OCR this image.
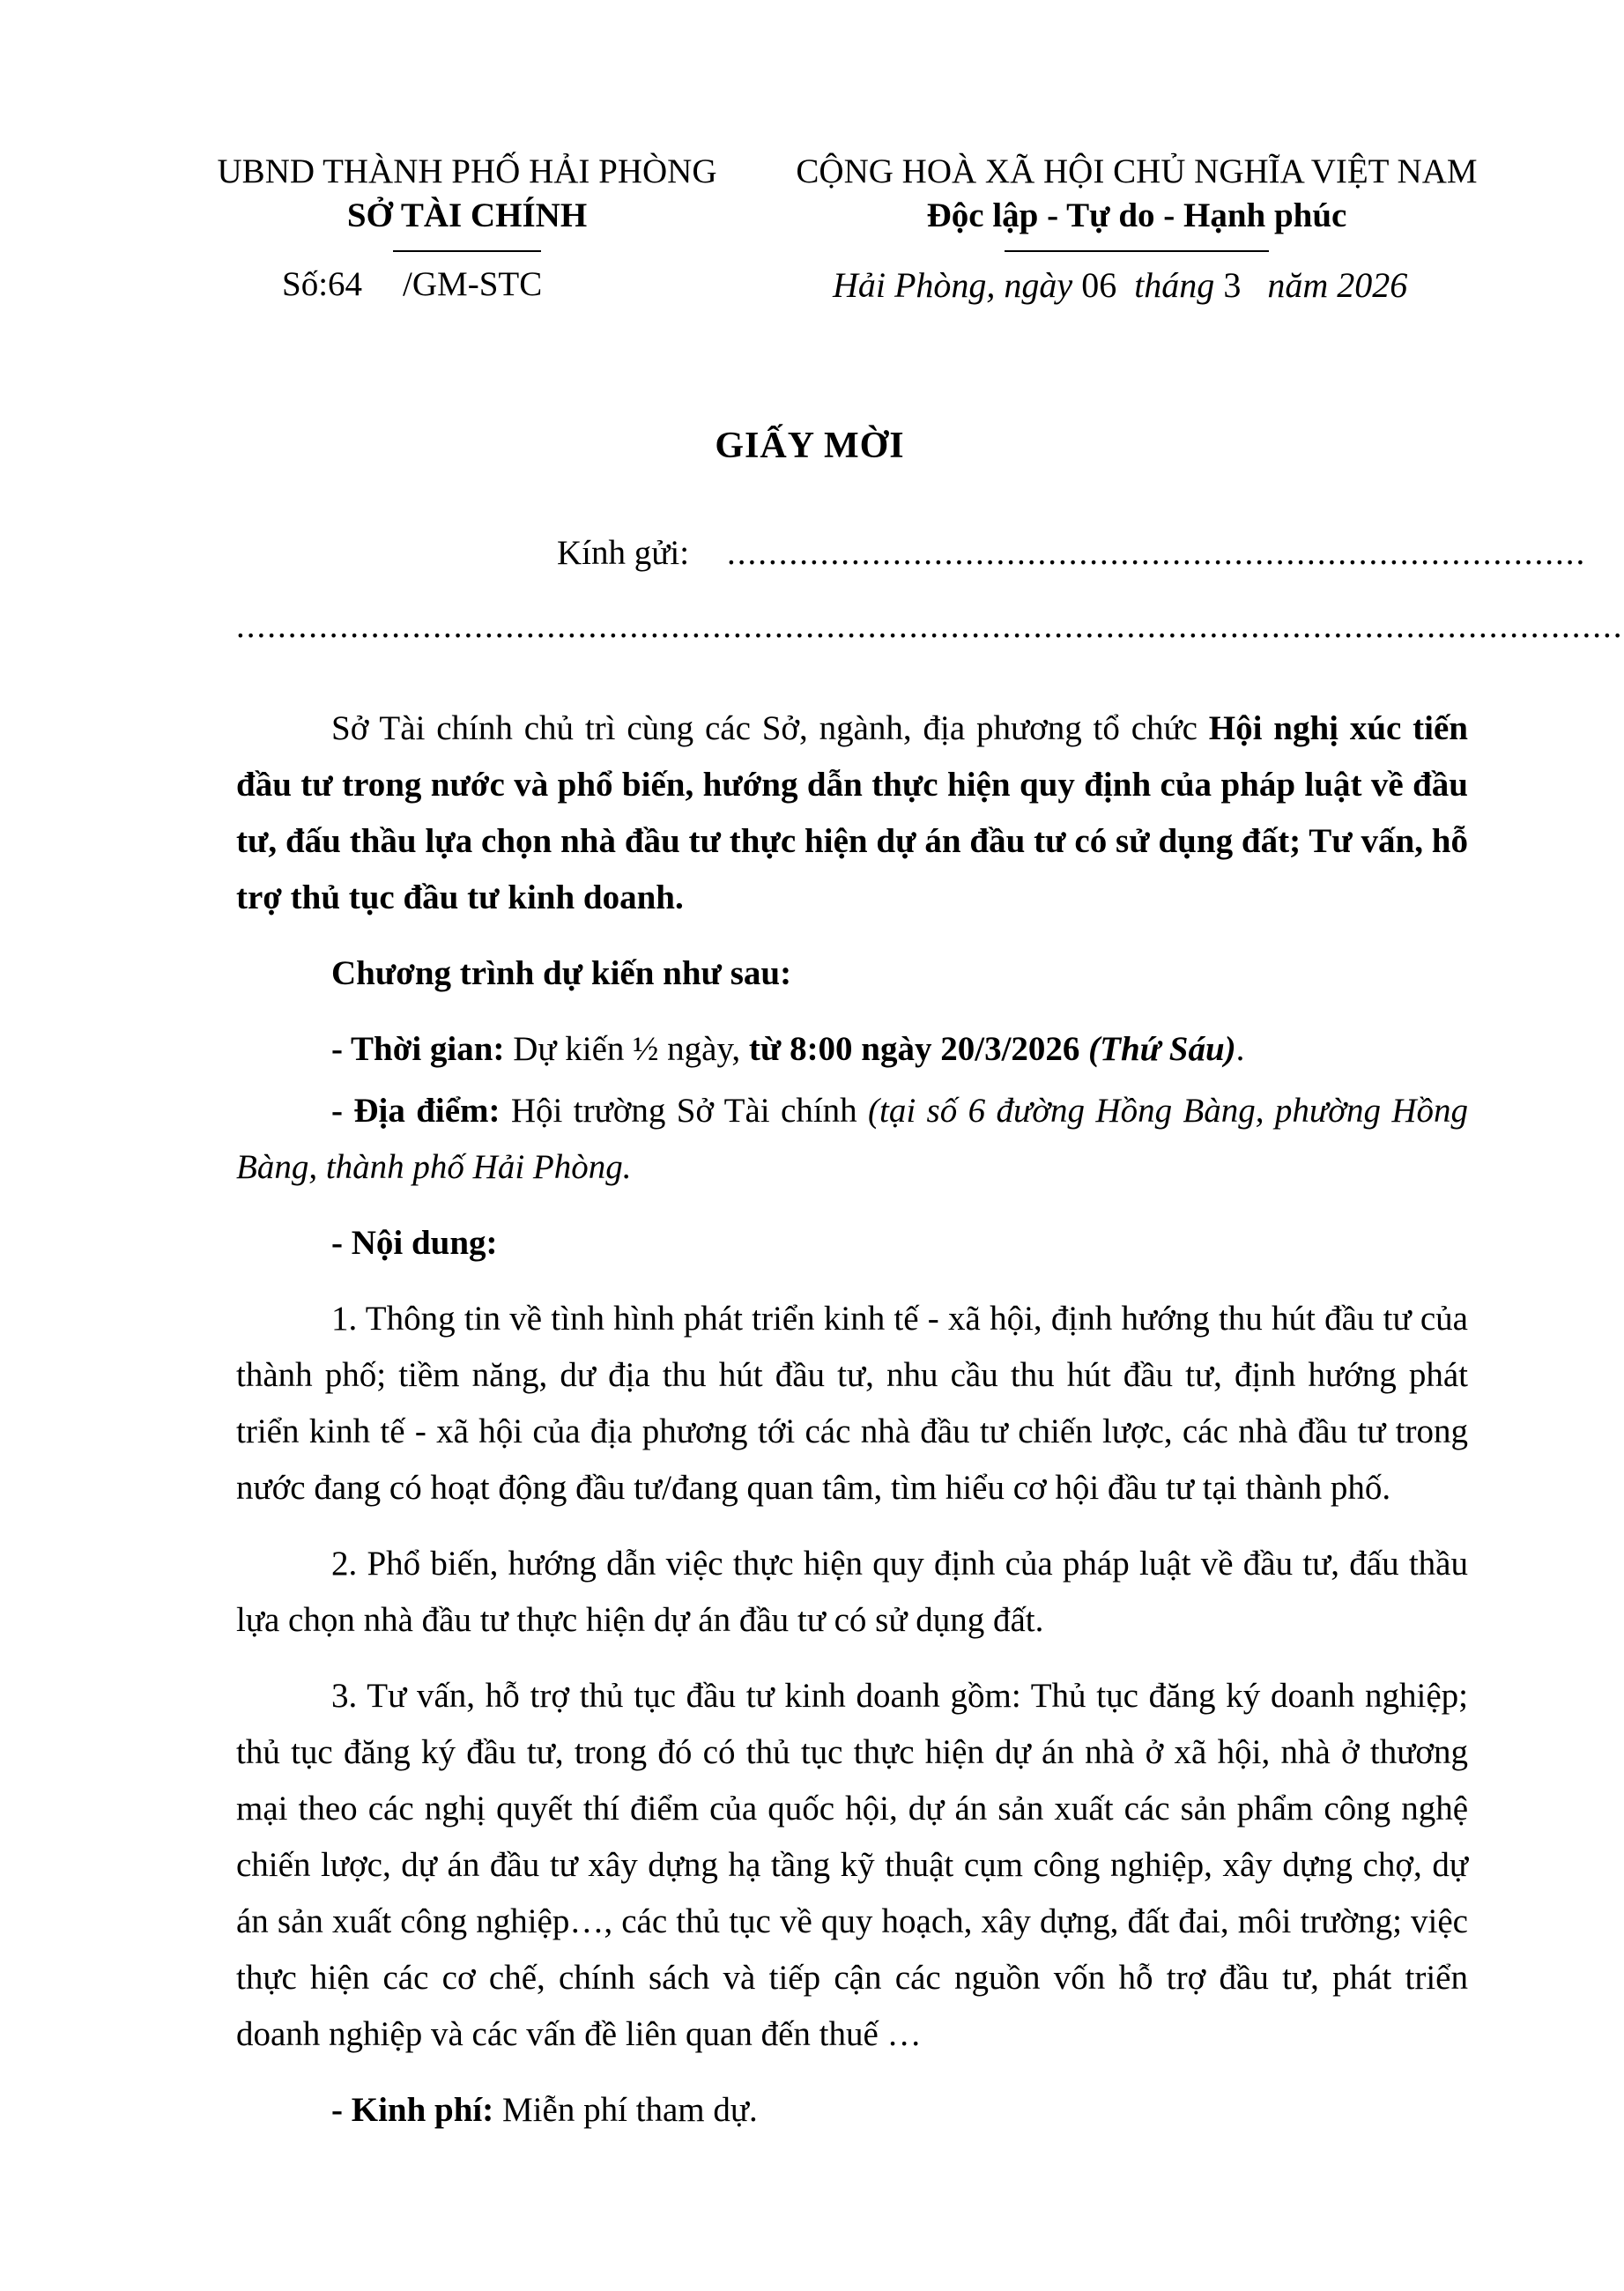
UBND THÀNH PHỐ HẢI PHÒNG
SỞ TÀI CHÍNH
CỘNG HOÀ XÃ HỘI CHỦ NGHĨA VIỆT NAM
Độc lập - Tự do - Hạnh phúc
Số:64 /GM-STC	Hải Phòng, ngày 06 tháng 3 năm 2026
GIẤY MỜI
Kính gửi: ...................................................................................
......................................................................................................................................

Sở Tài chính chủ trì cùng các Sở, ngành, địa phương tổ chức Hội nghị xúc tiến đầu tư trong nước và phổ biến, hướng dẫn thực hiện quy định của pháp luật về đầu tư, đấu thầu lựa chọn nhà đầu tư thực hiện dự án đầu tư có sử dụng đất; Tư vấn, hỗ trợ thủ tục đầu tư kinh doanh.

Chương trình dự kiến như sau:

- Thời gian: Dự kiến ½ ngày, từ 8:00 ngày 20/3/2026 (Thứ Sáu).

- Địa điểm: Hội trường Sở Tài chính (tại số 6 đường Hồng Bàng, phường Hồng Bàng, thành phố Hải Phòng.

- Nội dung:

1. Thông tin về tình hình phát triển kinh tế - xã hội, định hướng thu hút đầu tư của thành phố; tiềm năng, dư địa thu hút đầu tư, nhu cầu thu hút đầu tư, định hướng phát triển kinh tế - xã hội của địa phương tới các nhà đầu tư chiến lược, các nhà đầu tư trong nước đang có hoạt động đầu tư/đang quan tâm, tìm hiểu cơ hội đầu tư tại thành phố.

2. Phổ biến, hướng dẫn việc thực hiện quy định của pháp luật về đầu tư, đấu thầu lựa chọn nhà đầu tư thực hiện dự án đầu tư có sử dụng đất.

3. Tư vấn, hỗ trợ thủ tục đầu tư kinh doanh gồm: Thủ tục đăng ký doanh nghiệp; thủ tục đăng ký đầu tư, trong đó có thủ tục thực hiện dự án nhà ở xã hội, nhà ở thương mại theo các nghị quyết thí điểm của quốc hội, dự án sản xuất các sản phẩm công nghệ chiến lược, dự án đầu tư xây dựng hạ tầng kỹ thuật cụm công nghiệp, xây dựng chợ, dự án sản xuất công nghiệp…, các thủ tục về quy hoạch, xây dựng, đất đai, môi trường; việc thực hiện các cơ chế, chính sách và tiếp cận các nguồn vốn hỗ trợ đầu tư, phát triển doanh nghiệp và các vấn đề liên quan đến thuế …

- Kinh phí: Miễn phí tham dự.
